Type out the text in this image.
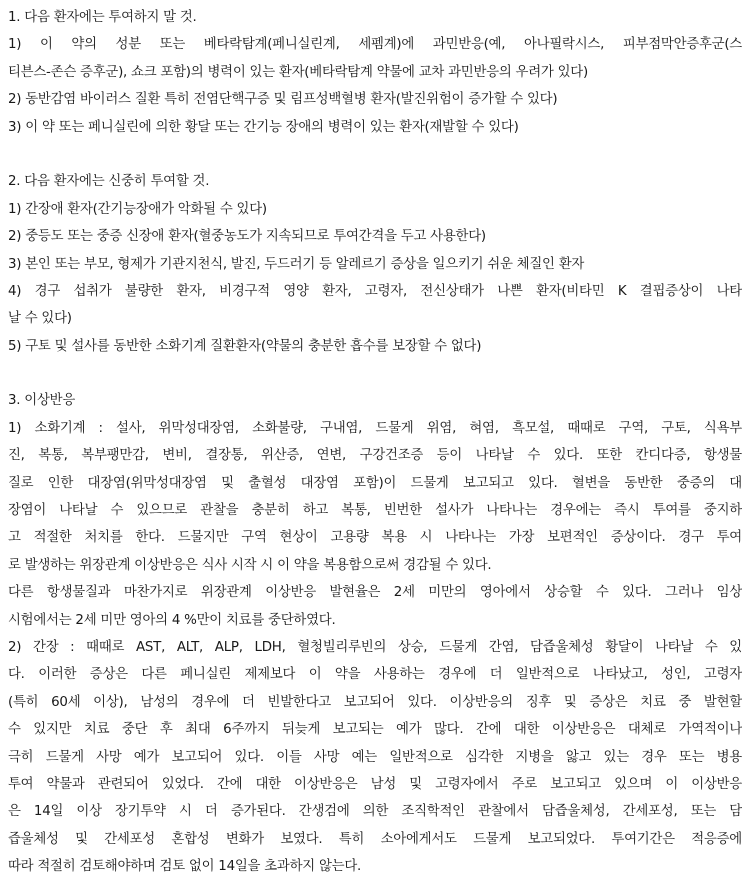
1. 다음 환자에는 투여하지 말 것.
1) 이 약의 성분 또는 베타락탐계(페니실린계, 세펨계)에 과민반응(예, 아나필락시스, 피부점막안증후군(스
티븐스-존슨 증후군), 쇼크 포함)의 병력이 있는 환자(베타락탐계 약물에 교차 과민반응의 우려가 있다)
2) 동반감염 바이러스 질환 특히 전염단핵구증 및 림프성백혈병 환자(발진위험이 증가할 수 있다)
3) 이 약 또는 페니실린에 의한 황달 또는 간기능 장애의 병력이 있는 환자(재발할 수 있다)
2. 다음 환자에는 신중히 투여할 것.
1) 간장애 환자(간기능장애가 악화될 수 있다)
2) 중등도 또는 중증 신장애 환자(혈중농도가 지속되므로 투여간격을 두고 사용한다)
3) 본인 또는 부모, 형제가 기관지천식, 발진, 두드러기 등 알레르기 증상을 일으키기 쉬운 체질인 환자
4) 경구 섭취가 불량한 환자, 비경구적 영양 환자, 고령자, 전신상태가 나쁜 환자(비타민 K 결핍증상이 나타
날 수 있다)
5) 구토 및 설사를 동반한 소화기계 질환환자(약물의 충분한 흡수를 보장할 수 없다)
3. 이상반응
1) 소화기계 : 설사, 위막성대장염, 소화불량, 구내염, 드물게 위염, 혀염, 흑모설, 때때로 구역, 구토, 식욕부
진, 복통, 복부팽만감, 변비, 결장통, 위산증, 연변, 구강건조증 등이 나타날 수 있다. 또한 칸디다증, 항생물
질로 인한 대장염(위막성대장염 및 출혈성 대장염 포함)이 드물게 보고되고 있다. 혈변을 동반한 중증의 대
장염이 나타날 수 있으므로 관찰을 충분히 하고 복통, 빈번한 설사가 나타나는 경우에는 즉시 투여를 중지하
고 적절한 처치를 한다. 드물지만 구역 현상이 고용량 복용 시 나타나는 가장 보편적인 증상이다. 경구 투여
로 발생하는 위장관계 이상반응은 식사 시작 시 이 약을 복용함으로써 경감될 수 있다.
다른 항생물질과 마찬가지로 위장관계 이상반응 발현율은 2세 미만의 영아에서 상승할 수 있다. 그러나 임상
시험에서는 2세 미만 영아의 4 %만이 치료를 중단하였다.
2) 간장 : 때때로 AST, ALT, ALP, LDH, 혈청빌리루빈의 상승, 드물게 간염, 담즙울체성 황달이 나타날 수 있
다. 이러한 증상은 다른 페니실린 제제보다 이 약을 사용하는 경우에 더 일반적으로 나타났고, 성인, 고령자
(특히 60세 이상), 남성의 경우에 더 빈발한다고 보고되어 있다. 이상반응의 징후 및 증상은 치료 중 발현할
수 있지만 치료 중단 후 최대 6주까지 뒤늦게 보고되는 예가 많다. 간에 대한 이상반응은 대체로 가역적이나
극히 드물게 사망 예가 보고되어 있다. 이들 사망 예는 일반적으로 심각한 지병을 앓고 있는 경우 또는 병용
투여 약물과 관련되어 있었다. 간에 대한 이상반응은 남성 및 고령자에서 주로 보고되고 있으며 이 이상반응
은 14일 이상 장기투약 시 더 증가된다. 간생검에 의한 조직학적인 관찰에서 담즙울체성, 간세포성, 또는 담
즙울체성 및 간세포성 혼합성 변화가 보였다. 특히 소아에게서도 드물게 보고되었다. 투여기간은 적응증에
따라 적절히 검토해야하며 검토 없이 14일을 초과하지 않는다.
